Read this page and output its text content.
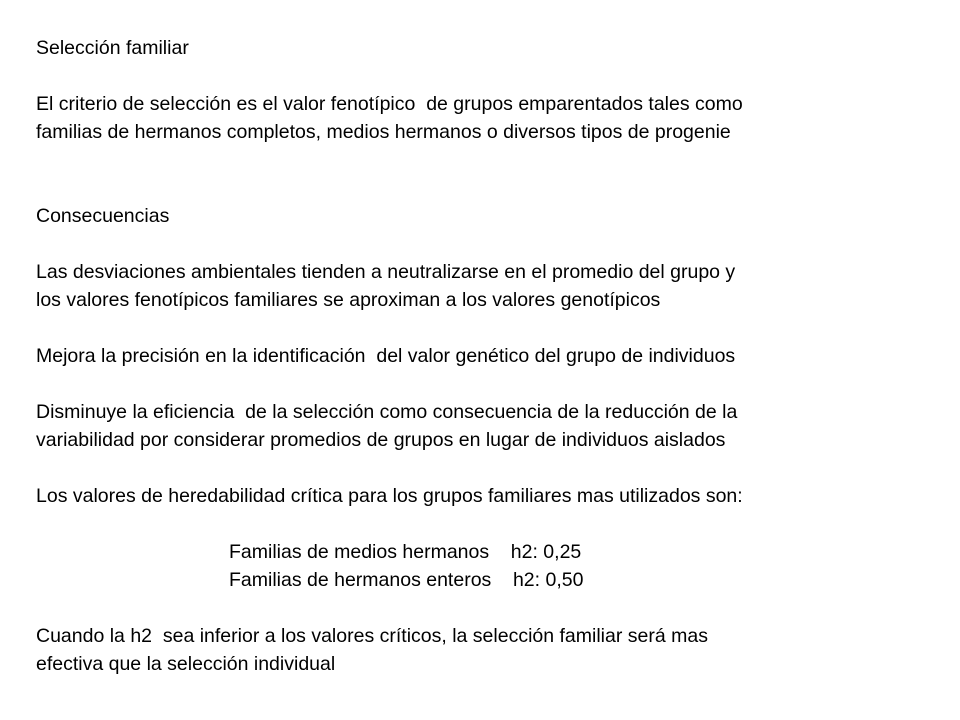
Selección familiar
El criterio de selección es el valor fenotípico  de grupos emparentados tales como
familias de hermanos completos, medios hermanos o diversos tipos de progenie
Consecuencias
Las desviaciones ambientales tienden a neutralizarse en el promedio del grupo y
los valores fenotípicos familiares se aproximan a los valores genotípicos
Mejora la precisión en la identificación  del valor genético del grupo de individuos
Disminuye la eficiencia  de la selección como consecuencia de la reducción de la
variabilidad por considerar promedios de grupos en lugar de individuos aislados
Los valores de heredabilidad crítica para los grupos familiares mas utilizados son:
Familias de medios hermanos    h2: 0,25
Familias de hermanos enteros    h2: 0,50
Cuando la h2  sea inferior a los valores críticos, la selección familiar será mas
efectiva que la selección individual
